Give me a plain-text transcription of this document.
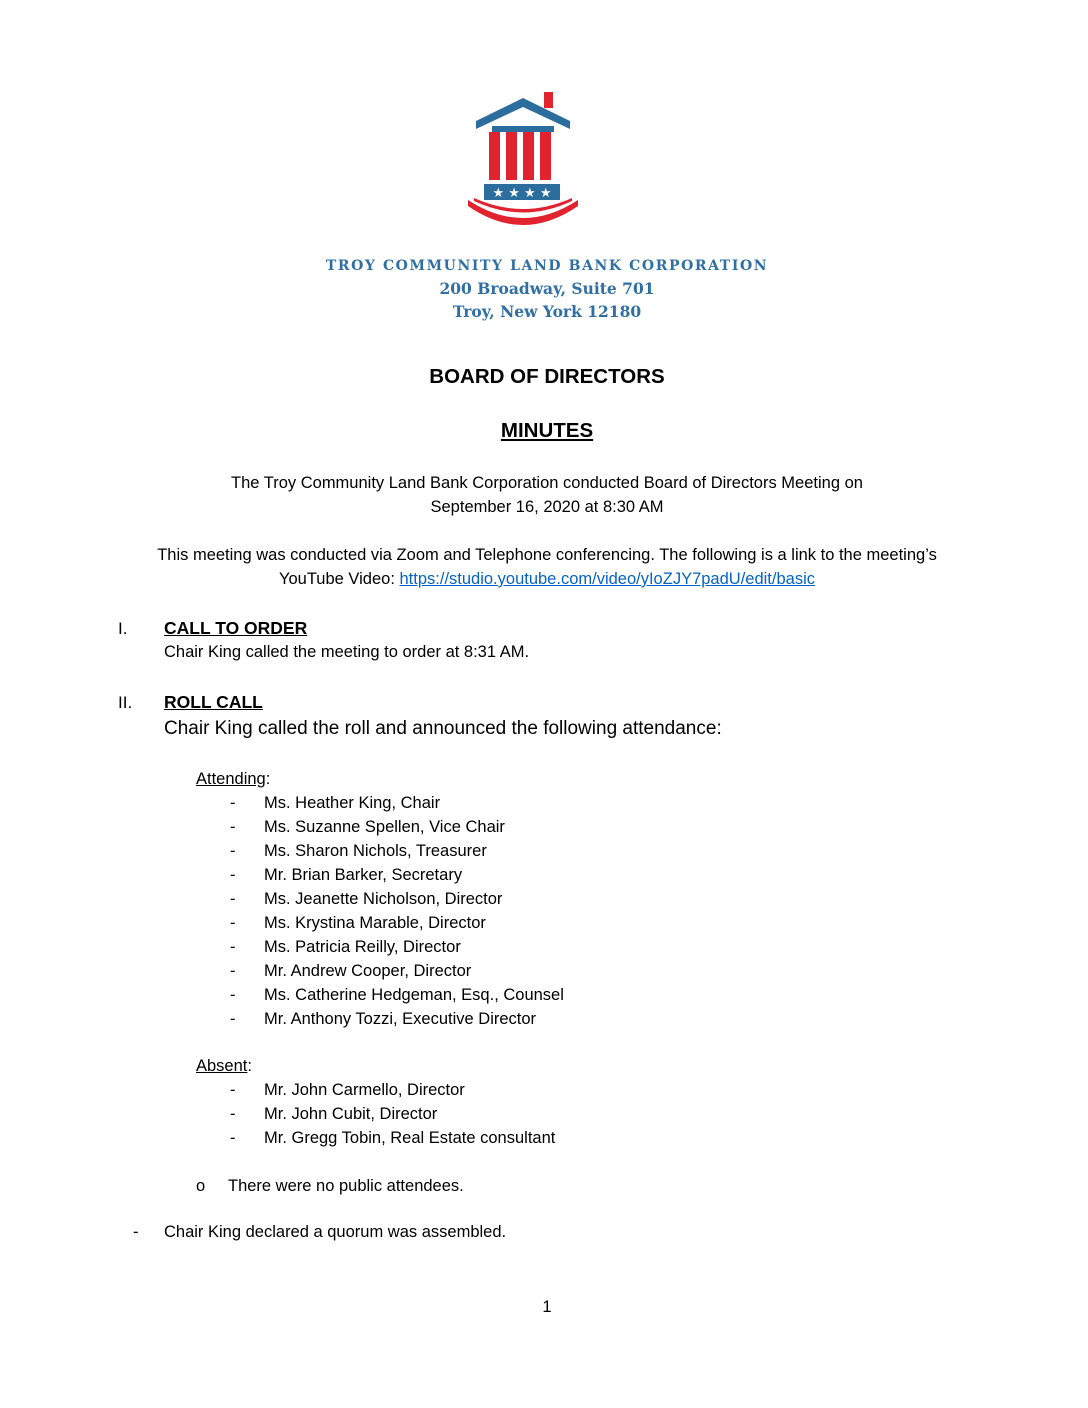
★ ★ ★ ★
TROY COMMUNITY LAND BANK CORPORATION
200 Broadway, Suite 701
Troy, New York 12180
BOARD OF DIRECTORS
MINUTES
The Troy Community Land Bank Corporation conducted Board of Directors Meeting on
September 16, 2020 at 8:30 AM
This meeting was conducted via Zoom and Telephone conferencing. The following is a link to the meeting’s
YouTube Video: https://studio.youtube.com/video/yIoZJY7padU/edit/basic
I. CALL TO ORDER
Chair King called the meeting to order at 8:31 AM.
II. ROLL CALL
Chair King called the roll and announced the following attendance:
Attending:
- Ms. Heather King, Chair
- Ms. Suzanne Spellen, Vice Chair
- Ms. Sharon Nichols, Treasurer
- Mr. Brian Barker, Secretary
- Ms. Jeanette Nicholson, Director
- Ms. Krystina Marable, Director
- Ms. Patricia Reilly, Director
- Mr. Andrew Cooper, Director
- Ms. Catherine Hedgeman, Esq., Counsel
- Mr. Anthony Tozzi, Executive Director
Absent:
- Mr. John Carmello, Director
- Mr. John Cubit, Director
- Mr. Gregg Tobin, Real Estate consultant
o There were no public attendees.
- Chair King declared a quorum was assembled.
1
